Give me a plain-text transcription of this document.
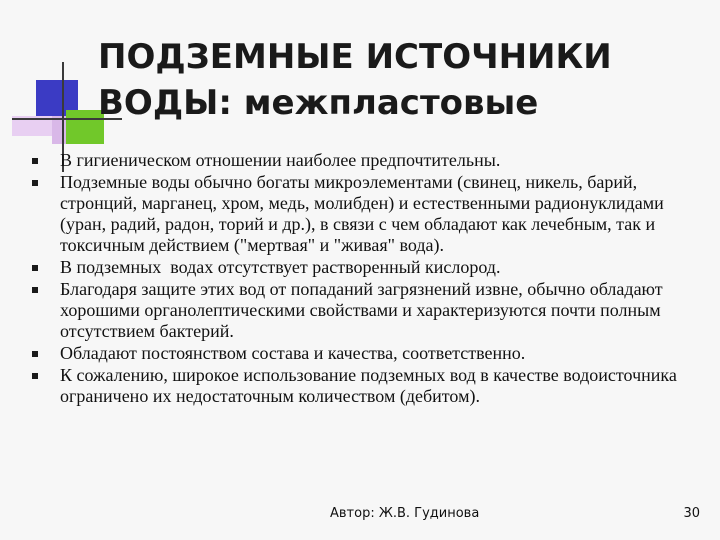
ПОДЗЕМНЫЕ ИСТОЧНИКИ
ВОДЫ: межпластовые
В гигиеническом отношении наиболее предпочтительны.
Подземные воды обычно богаты микроэлементами (свинец, никель, барий, стронций, марганец, хром, медь, молибден) и естественными радионуклидами (уран, радий, радон, торий и др.), в связи с чем обладают как лечебным, так и токсичным действием ("мертвая" и "живая" вода).
В подземных  водах отсутствует растворенный кислород.
Благодаря защите этих вод от попаданий загрязнений извне, обычно обладают хорошими органолептическими свойствами и характеризуются почти полным отсутствием бактерий.
Обладают постоянством состава и качества, соответственно.
К сожалению, широкое использование подземных вод в качестве водоисточника ограничено их недостаточным количеством (дебитом).
Автор: Ж.В. Гудинова	30
